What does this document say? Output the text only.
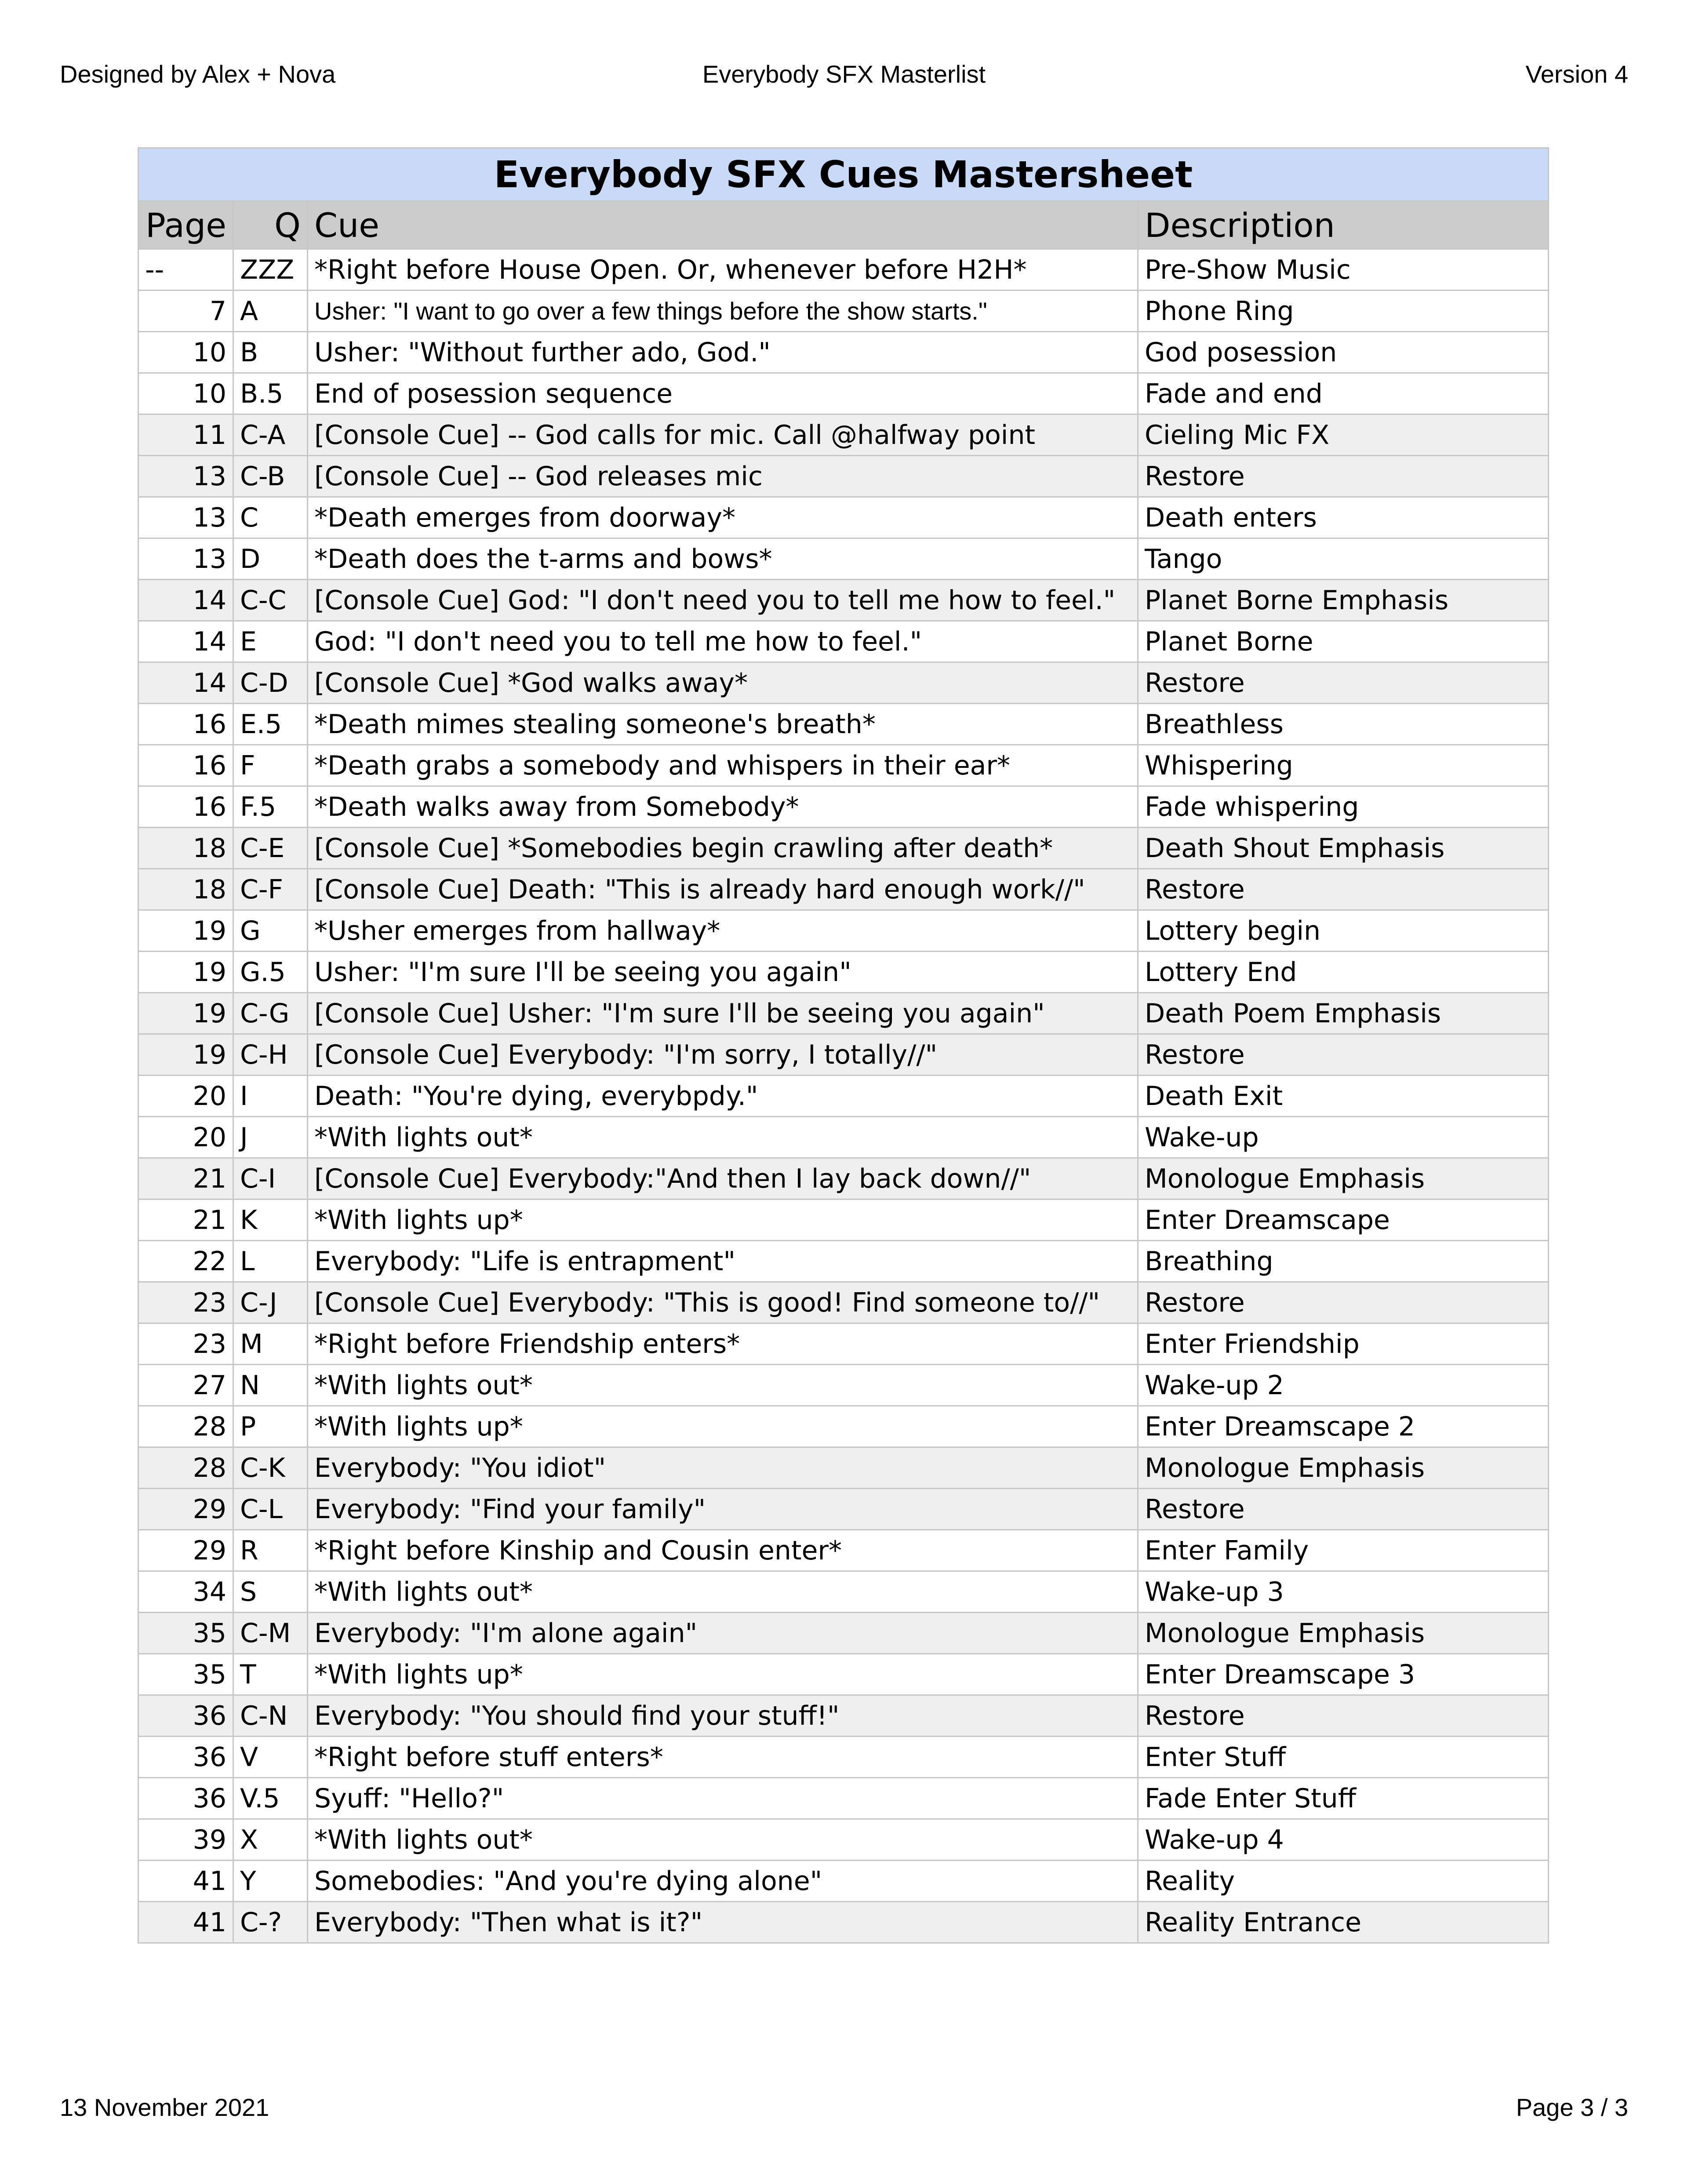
Designed by Alex + Nova	Everybody SFX Masterlist	Version 4
Everybody SFX Cues Mastersheet			
Page	Q	Cue	Description
--	ZZZ	*Right before House Open. Or, whenever before H2H*	Pre-Show Music
7	A	Usher: "I want to go over a few things before the show starts."	Phone Ring
10	B	Usher: "Without further ado, God."	God posession
10	B.5	End of posession sequence	Fade and end
11	C-A	[Console Cue] -- God calls for mic. Call @halfway point	Cieling Mic FX
13	C-B	[Console Cue] -- God releases mic	Restore
13	C	*Death emerges from doorway*	Death enters
13	D	*Death does the t-arms and bows*	Tango
14	C-C	[Console Cue] God: "I don't need you to tell me how to feel."	Planet Borne Emphasis
14	E	God: "I don't need you to tell me how to feel."	Planet Borne
14	C-D	[Console Cue] *God walks away*	Restore
16	E.5	*Death mimes stealing someone's breath*	Breathless
16	F	*Death grabs a somebody and whispers in their ear*	Whispering
16	F.5	*Death walks away from Somebody*	Fade whispering
18	C-E	[Console Cue] *Somebodies begin crawling after death*	Death Shout Emphasis
18	C-F	[Console Cue] Death: "This is already hard enough work//"	Restore
19	G	*Usher emerges from hallway*	Lottery begin
19	G.5	Usher: "I'm sure I'll be seeing you again"	Lottery End
19	C-G	[Console Cue] Usher: "I'm sure I'll be seeing you again"	Death Poem Emphasis
19	C-H	[Console Cue] Everybody: "I'm sorry, I totally//"	Restore
20	I	Death: "You're dying, everybpdy."	Death Exit
20	J	*With lights out*	Wake-up
21	C-I	[Console Cue] Everybody:"And then I lay back down//"	Monologue Emphasis
21	K	*With lights up*	Enter Dreamscape
22	L	Everybody: "Life is entrapment"	Breathing
23	C-J	[Console Cue] Everybody: "This is good! Find someone to//"	Restore
23	M	*Right before Friendship enters*	Enter Friendship
27	N	*With lights out*	Wake-up 2
28	P	*With lights up*	Enter Dreamscape 2
28	C-K	Everybody: "You idiot"	Monologue Emphasis
29	C-L	Everybody: "Find your family"	Restore
29	R	*Right before Kinship and Cousin enter*	Enter Family
34	S	*With lights out*	Wake-up 3
35	C-M	Everybody: "I'm alone again"	Monologue Emphasis
35	T	*With lights up*	Enter Dreamscape 3
36	C-N	Everybody: "You should find your stuff!"	Restore
36	V	*Right before stuff enters*	Enter Stuff
36	V.5	Syuff: "Hello?"	Fade Enter Stuff
39	X	*With lights out*	Wake-up 4
41	Y	Somebodies: "And you're dying alone"	Reality
41	C-?	Everybody: "Then what is it?"	Reality Entrance
13 November 2021	Page 3 / 3
